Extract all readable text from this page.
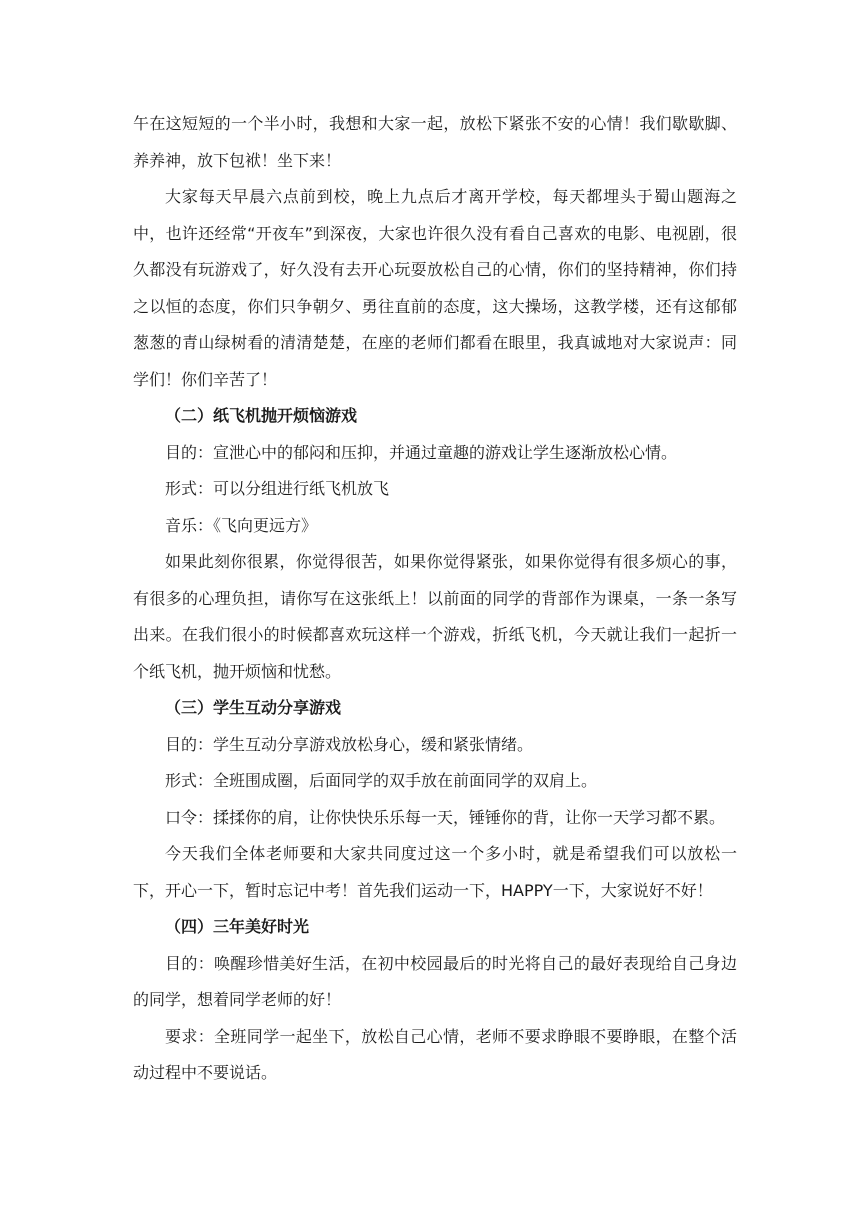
午在这短短的一个半小时，我想和大家一起，放松下紧张不安的心情！我们歇歇脚、养养神，放下包袱！坐下来！

大家每天早晨六点前到校，晚上九点后才离开学校，每天都埋头于蜀山题海之中，也许还经常“开夜车”到深夜，大家也许很久没有看自己喜欢的电影、电视剧，很久都没有玩游戏了，好久没有去开心玩耍放松自己的心情，你们的坚持精神，你们持之以恒的态度，你们只争朝夕、勇往直前的态度，这大操场，这教学楼，还有这郁郁葱葱的青山绿树看的清清楚楚，在座的老师们都看在眼里，我真诚地对大家说声：同学们！你们辛苦了！

（二）纸飞机抛开烦恼游戏

目的：宣泄心中的郁闷和压抑，并通过童趣的游戏让学生逐渐放松心情。

形式：可以分组进行纸飞机放飞

音乐：《飞向更远方》

如果此刻你很累，你觉得很苦，如果你觉得紧张，如果你觉得有很多烦心的事，有很多的心理负担，请你写在这张纸上！以前面的同学的背部作为课桌，一条一条写出来。在我们很小的时候都喜欢玩这样一个游戏，折纸飞机，今天就让我们一起折一个纸飞机，抛开烦恼和忧愁。

（三）学生互动分享游戏

目的：学生互动分享游戏放松身心，缓和紧张情绪。

形式：全班围成圈，后面同学的双手放在前面同学的双肩上。

口令：揉揉你的肩，让你快快乐乐每一天，锤锤你的背，让你一天学习都不累。

今天我们全体老师要和大家共同度过这一个多小时，就是希望我们可以放松一下，开心一下，暂时忘记中考！首先我们运动一下，HAPPY一下，大家说好不好！

（四）三年美好时光

目的：唤醒珍惜美好生活，在初中校园最后的时光将自己的最好表现给自己身边的同学，想着同学老师的好！

要求：全班同学一起坐下，放松自己心情，老师不要求睁眼不要睁眼，在整个活动过程中不要说话。
